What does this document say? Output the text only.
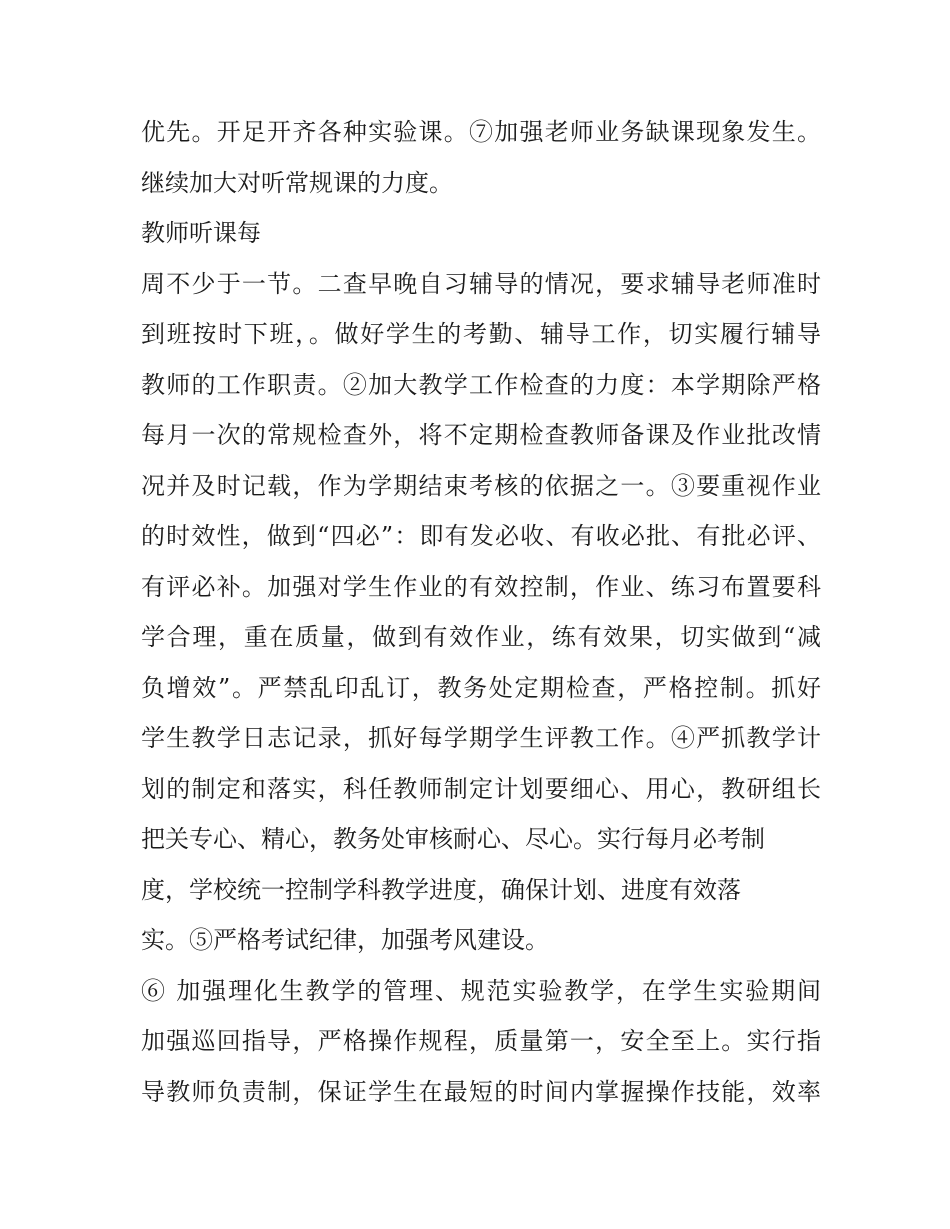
优先。开足开齐各种实验课。⑦加强老师业务缺课现象发生。
继续加大对听常规课的力度。
教师听课每
周不少于一节。二查早晚自习辅导的情况，要求辅导老师准时
到班按时下班，。做好学生的考勤、辅导工作，切实履行辅导
教师的工作职责。②加大教学工作检查的力度：本学期除严格
每月一次的常规检查外，将不定期检查教师备课及作业批改情
况并及时记载，作为学期结束考核的依据之一。③要重视作业
的时效性，做到“四必”：即有发必收、有收必批、有批必评、
有评必补。加强对学生作业的有效控制，作业、练习布置要科
学合理，重在质量，做到有效作业，练有效果，切实做到“减
负增效”。严禁乱印乱订，教务处定期检查，严格控制。抓好
学生教学日志记录，抓好每学期学生评教工作。④严抓教学计
划的制定和落实，科任教师制定计划要细心、用心，教研组长
把关专心、精心，教务处审核耐心、尽心。实行每月必考制
度，学校统一控制学科教学进度，确保计划、进度有效落
实。⑤严格考试纪律，加强考风建设。
⑥ 加强理化生教学的管理、规范实验教学，在学生实验期间
加强巡回指导，严格操作规程，质量第一，安全至上。实行指
导教师负责制，保证学生在最短的时间内掌握操作技能，效率
